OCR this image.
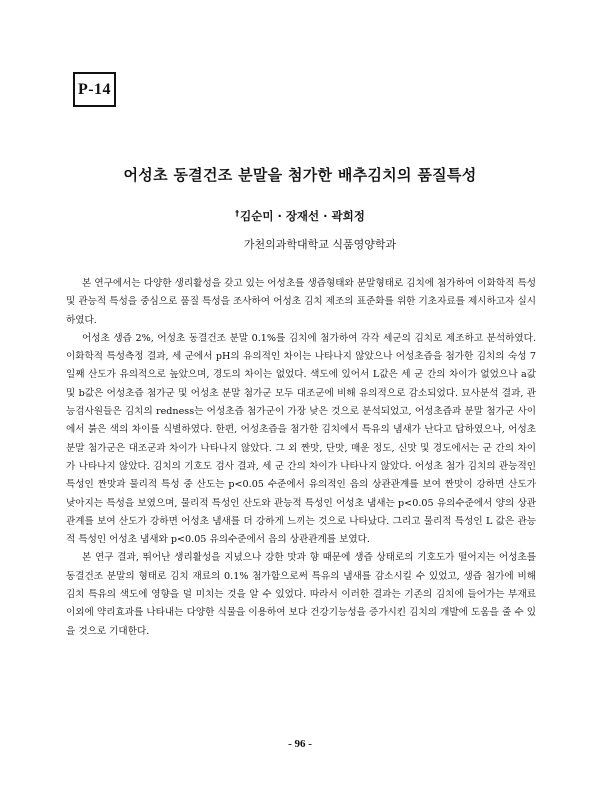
P-14
어성초 동결건조 분말을 첨가한 배추김치의 품질특성
†김순미 · 장재선 · 곽희정
가천의과학대학교 식품영양학과

본 연구에서는 다양한 생리활성을 갖고 있는 어성초를 생즙형태와 분말형태로 김치에 첨가하여 이화학적 특성 및 관능적 특성을 중심으로 품질 특성을 조사하여 어성초 김치 제조의 표준화를 위한 기초자료를 제시하고자 실시하였다.

어성초 생즙 2%, 어성초 동결건조 분말 0.1%를 김치에 첨가하여 각각 세군의 김치로 제조하고 분석하였다. 이화학적 특성측정 결과, 세 군에서 pH의 유의적인 차이는 나타나지 않았으나 어성초즙을 첨가한 김치의 숙성 7일째 산도가 유의적으로 높았으며, 경도의 차이는 없었다. 색도에 있어서 L값은 세 군 간의 차이가 없었으나 a값 및 b값은 어성초즙 첨가군 및 어성초 분말 첨가군 모두 대조군에 비해 유의적으로 감소되었다. 묘사분석 결과, 관능검사원들은 김치의 redness는 어성초즙 첨가군이 가장 낮은 것으로 분석되었고, 어성초즙과 분말 첨가군 사이에서 붉은 색의 차이를 식별하였다. 한편, 어성초즙을 첨가한 김치에서 특유의 냄새가 난다고 답하였으나, 어성초 분말 첨가군은 대조군과 차이가 나타나지 않았다. 그 외 짠맛, 단맛, 매운 정도, 신맛 및 경도에서는 군 간의 차이가 나타나지 않았다. 김치의 기호도 검사 결과, 세 군 간의 차이가 나타나지 않았다. 어성초 첨가 김치의 관능적인 특성인 짠맛과 물리적 특성 중 산도는 p<0.05 수준에서 유의적인 음의 상관관계를 보여 짠맛이 강하면 산도가 낮아지는 특성을 보였으며, 물리적 특성인 산도와 관능적 특성인 어성초 냄새는 p<0.05 유의수준에서 양의 상관관계를 보여 산도가 강하면 어성초 냄새를 더 강하게 느끼는 것으로 나타났다. 그리고 물리적 특성인 L 값은 관능적 특성인 어성초 냄새와 p<0.05 유의수준에서 음의 상관관계를 보였다.

본 연구 결과, 뛰어난 생리활성을 지녔으나 강한 맛과 향 때문에 생즙 상태로의 기호도가 떨어지는 어성초를 동결건조 분말의 형태로 김치 재료의 0.1% 첨가함으로써 특유의 냄새를 감소시킬 수 있었고, 생즙 첨가에 비해 김치 특유의 색도에 영향을 덜 미치는 것을 알 수 있었다. 따라서 이러한 결과는 기존의 김치에 들어가는 부재료 이외에 약리효과를 나타내는 다양한 식물을 이용하여 보다 건강기능성을 증가시킨 김치의 개발에 도움을 줄 수 있을 것으로 기대한다.

- 96 -
